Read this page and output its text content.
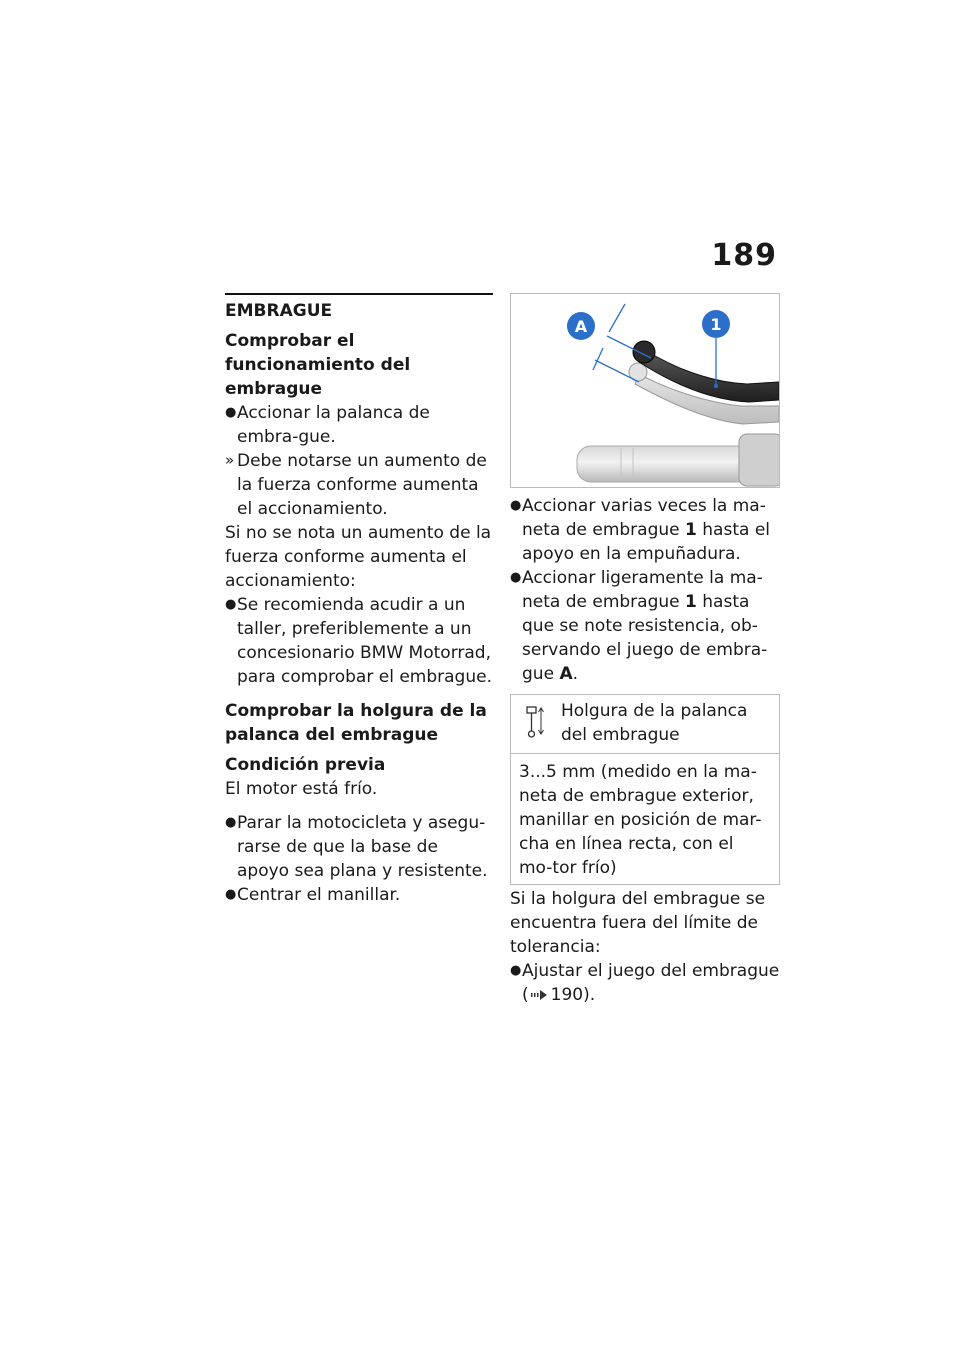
189
EMBRAGUE
Comprobar el funcionamiento del embrague
● Accionar la palanca de embra-gue.
» Debe notarse un aumento de la fuerza conforme aumenta el accionamiento.

Si no se nota un aumento de la fuerza conforme aumenta el accionamiento:

● Se recomienda acudir a un taller, preferiblemente a un concesionario BMW Motorrad, para comprobar el embrague.
Comprobar la holgura de la palanca del embrague
Condición previa

El motor está frío.

● Parar la motocicleta y asegu-rarse de que la base de apoyo sea plana y resistente.
● Centrar el manillar.
A	1
● Accionar varias veces la ma-neta de embrague 1 hasta el apoyo en la empuñadura.
● Accionar ligeramente la ma-neta de embrague 1 hasta que se note resistencia, ob-servando el juego de embra-gue A.

Holgura de la palanca del embrague

3...5 mm (medido en la ma-neta de embrague exterior, manillar en posición de mar-cha en línea recta, con el mo-tor frío)

Si la holgura del embrague se encuentra fuera del límite de tolerancia:

● Ajustar el juego del embrague ( 190).
